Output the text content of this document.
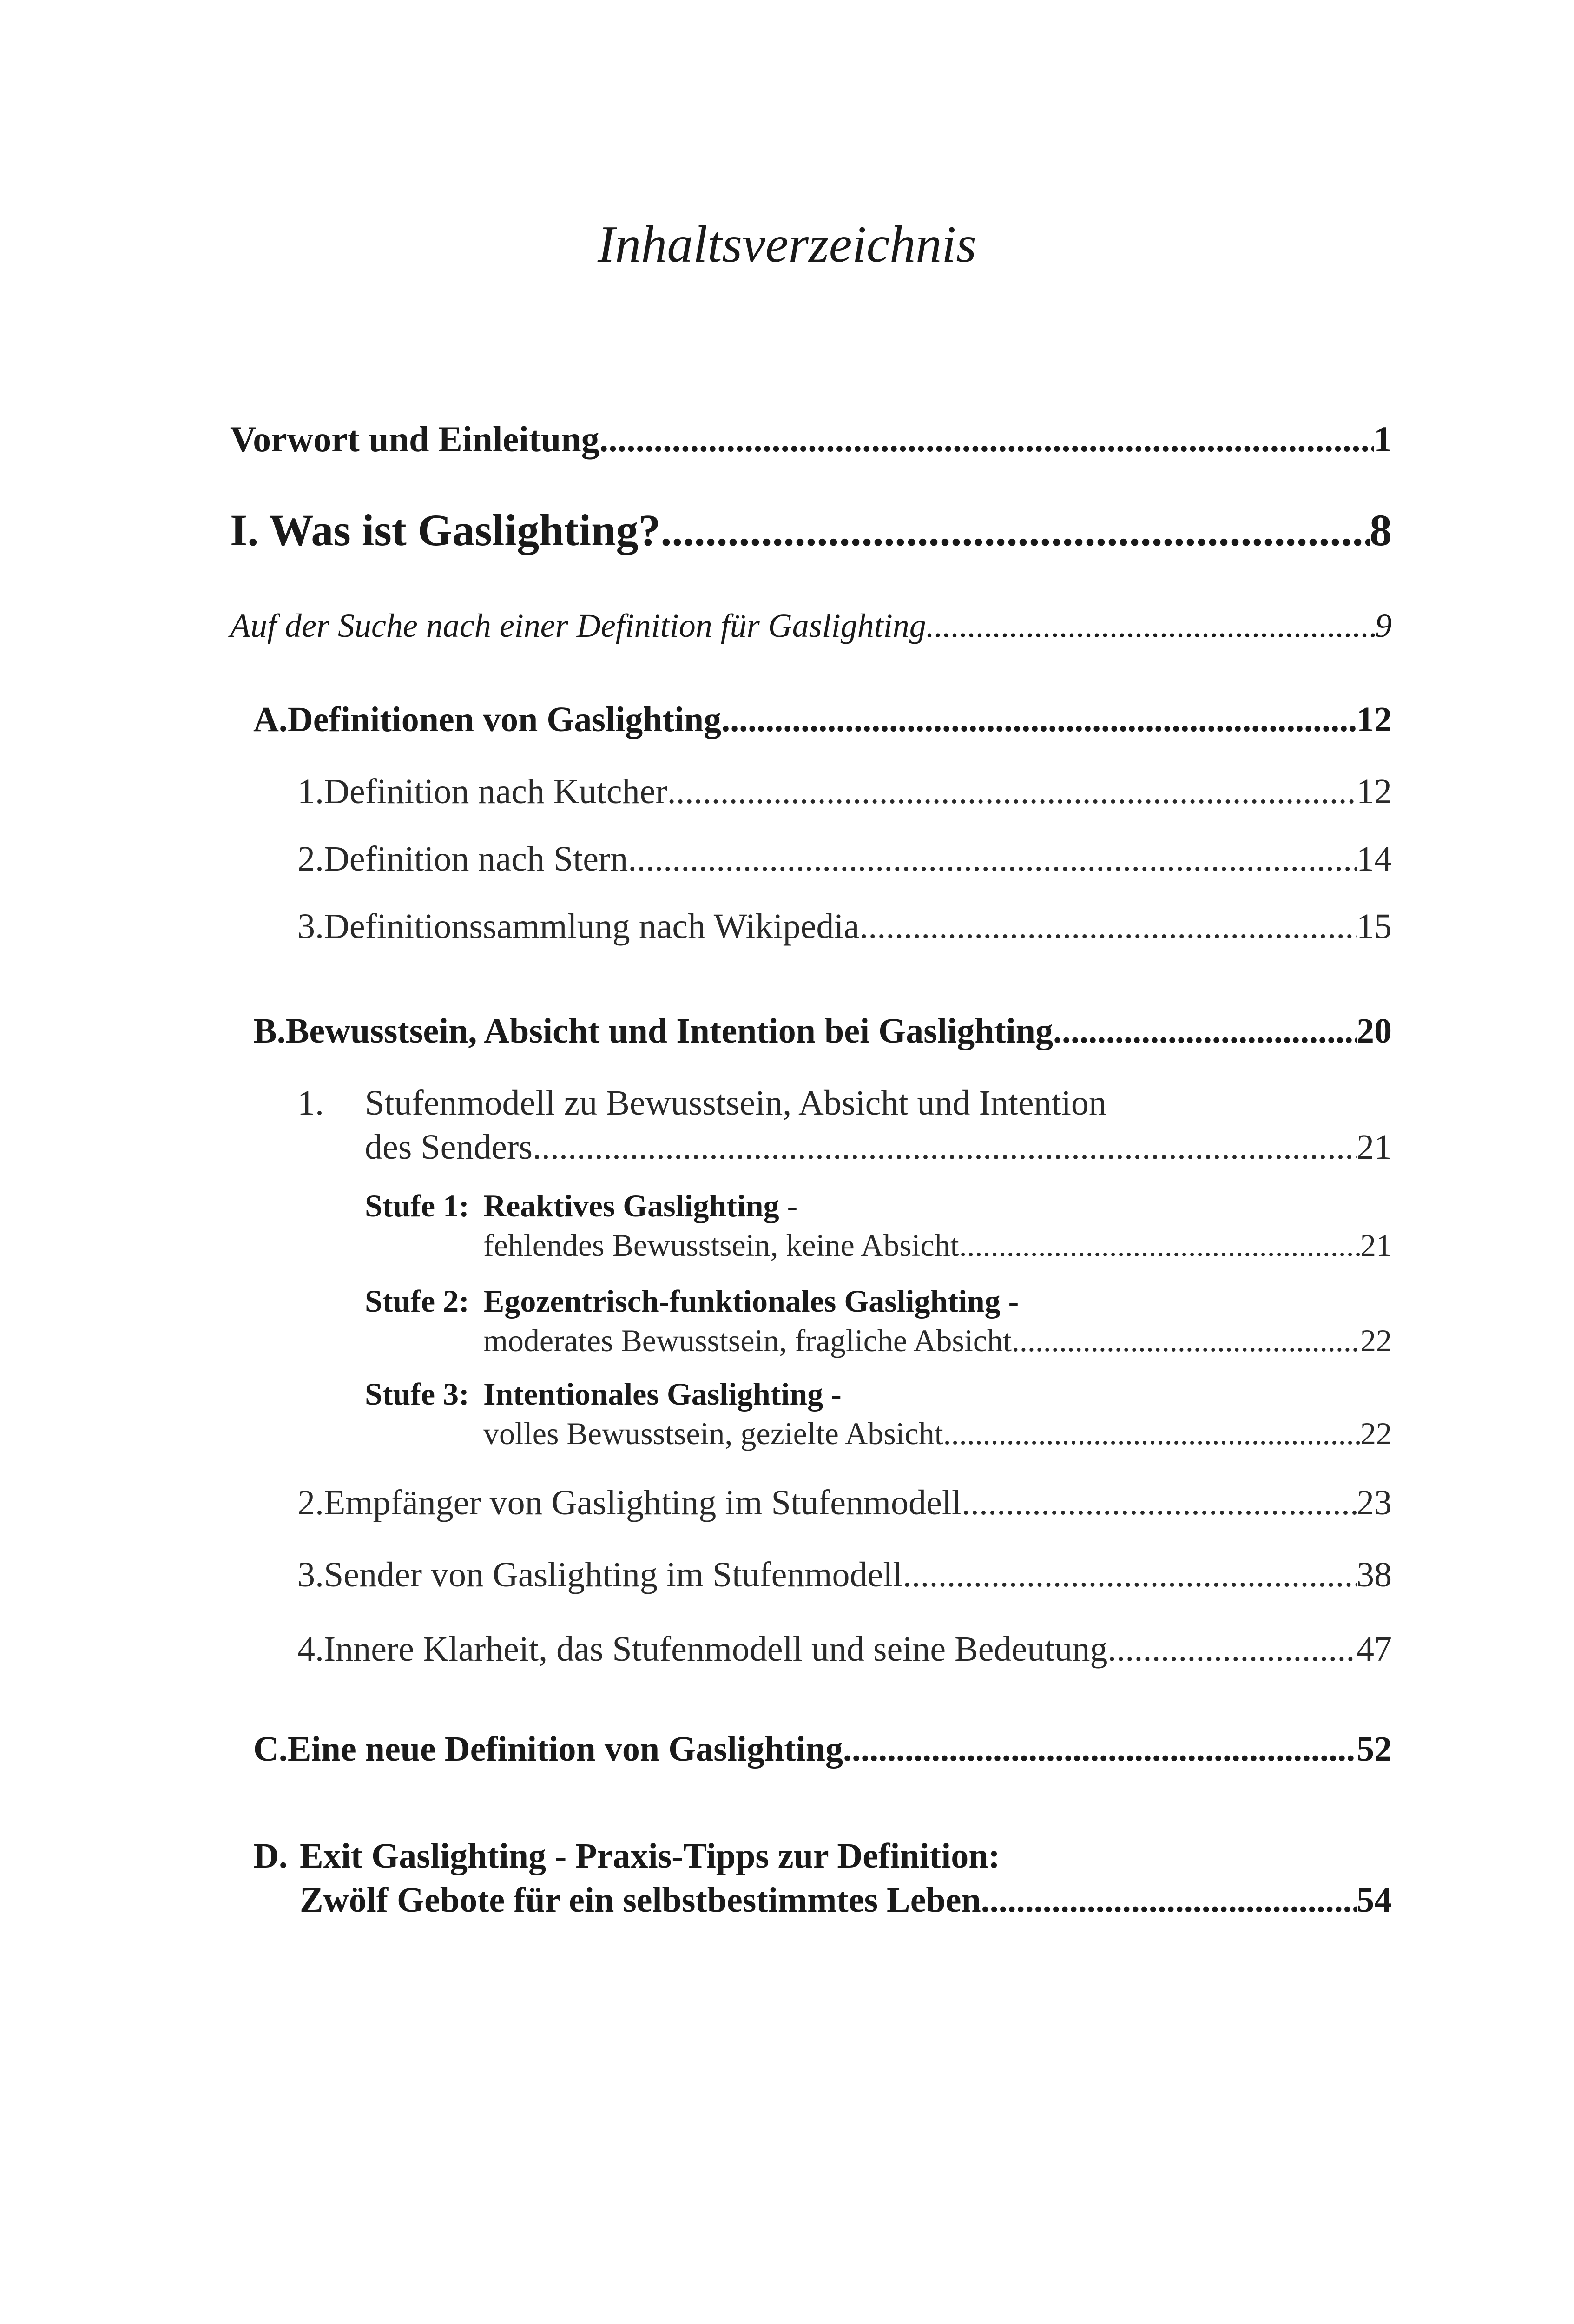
Inhaltsverzeichnis
Vorwort und Einleitung .....	1
I. Was ist Gaslighting? .....	8
Auf der Suche nach einer Definition für Gaslighting .....	9
A. Definitionen von Gaslighting .....	12
1. Definition nach Kutcher .....	12
2. Definition nach Stern .....	14
3. Definitionssammlung nach Wikipedia .....	15
B. Bewusstsein, Absicht und Intention bei Gaslighting .....	20
1. Stufenmodell zu Bewusstsein, Absicht und Intention
des Senders .....	21
Stufe 1: Reaktives Gaslighting -
fehlendes Bewusstsein, keine Absicht .....	21
Stufe 2: Egozentrisch-funktionales Gaslighting -
moderates Bewusstsein, fragliche Absicht .....	22
Stufe 3: Intentionales Gaslighting -
volles Bewusstsein, gezielte Absicht .....	22
2. Empfänger von Gaslighting im Stufenmodell .....	23
3. Sender von Gaslighting im Stufenmodell .....	38
4. Innere Klarheit, das Stufenmodell und seine Bedeutung .....	47
C. Eine neue Definition von Gaslighting .....	52
D. Exit Gaslighting - Praxis-Tipps zur Definition:
Zwölf Gebote für ein selbstbestimmtes Leben .....	54
